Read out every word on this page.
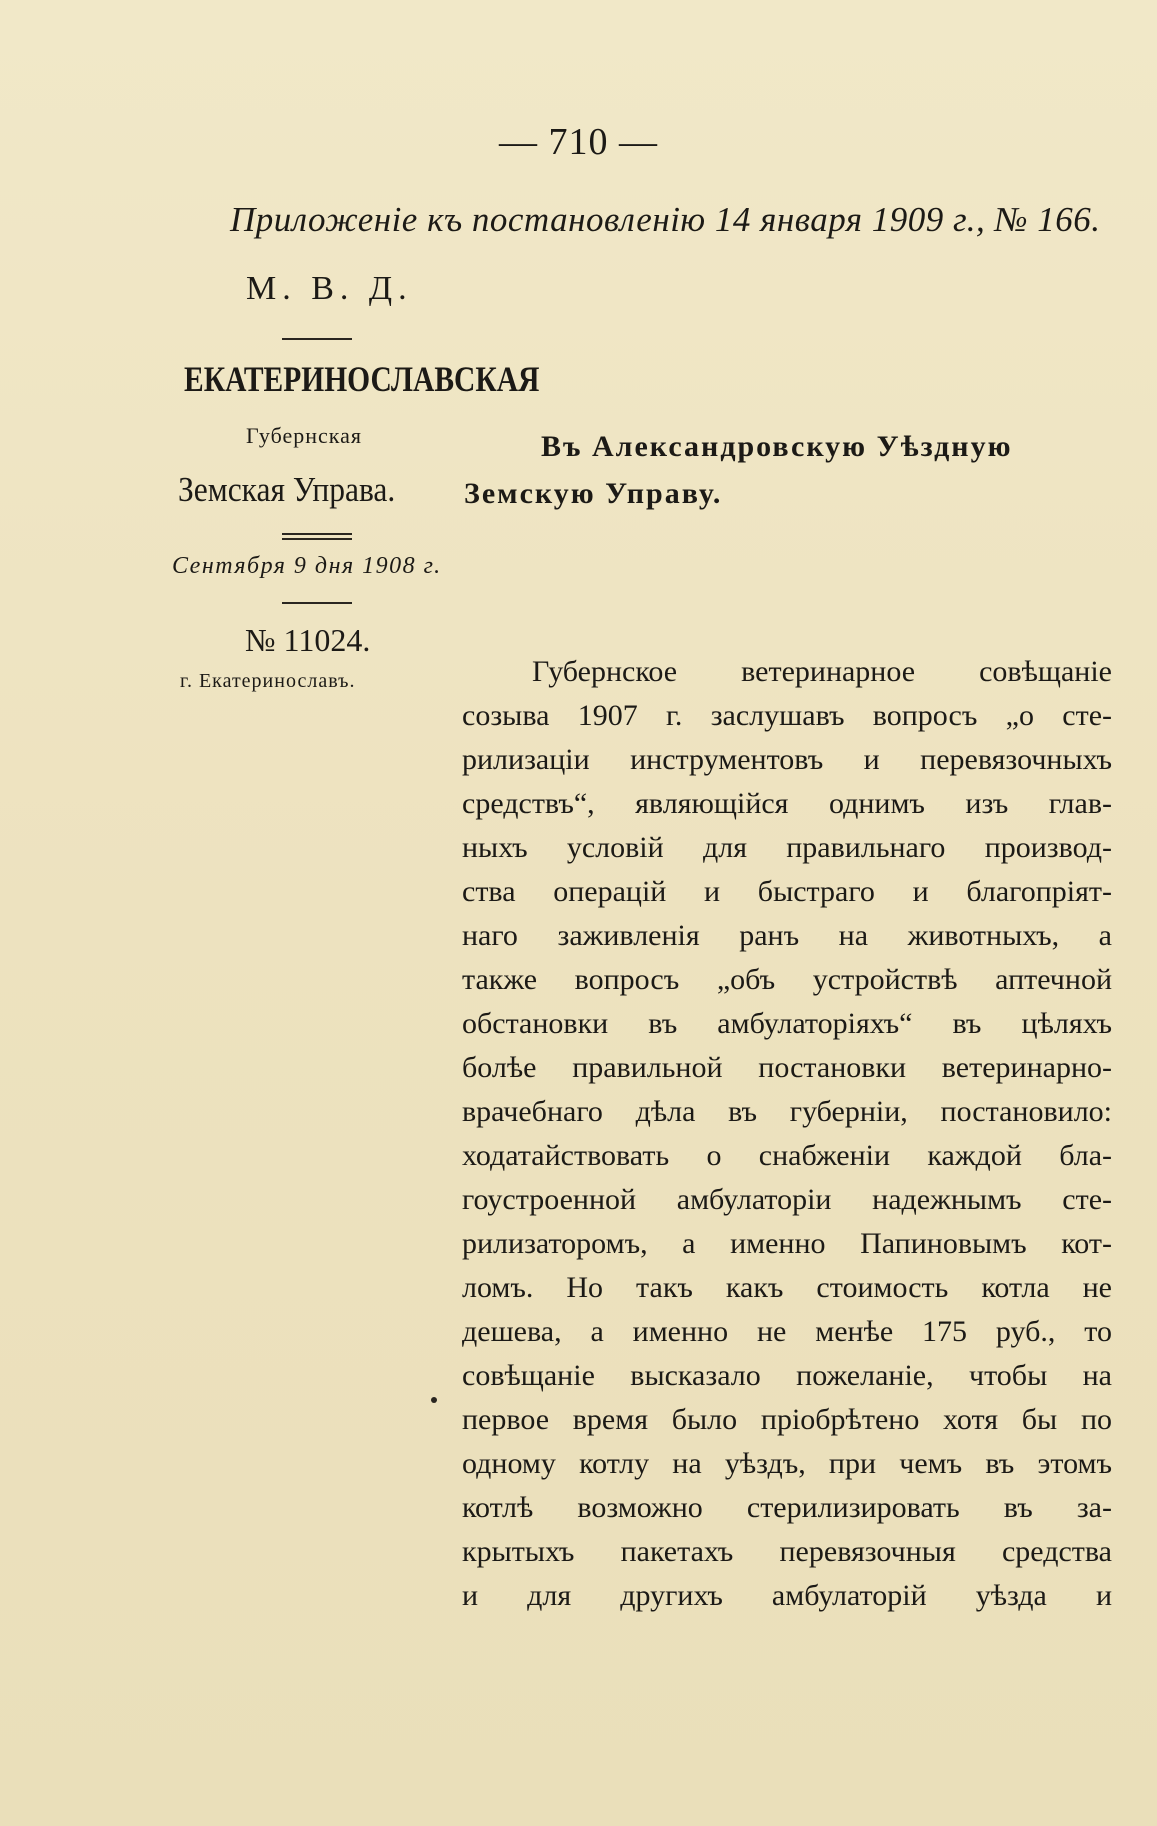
— 710 —
Приложеніе къ постановленію 14 января 1909 г., № 166.
М. В. Д.
ЕКАТЕРИНОСЛАВСКАЯ
Губернская
Земская Управа.
Въ Александровскую Уѣздную
Земскую Управу.
Сентября 9 дня 1908 г.
№ 11024.
г. Екатеринославъ.	Губернское ветеринарное совѣщаніе
созыва 1907 г. заслушавъ вопросъ „о сте-
рилизаціи инструментовъ и перевязочныхъ
средствъ“, являющійся однимъ изъ глав-
ныхъ условій для правильнаго производ-
ства операцій и быстраго и благопріят-
наго заживленія ранъ на животныхъ, а
также вопросъ „объ устройствѣ аптечной
обстановки въ амбулаторіяхъ“ въ цѣляхъ
болѣе правильной постановки ветеринарно-
врачебнаго дѣла въ губерніи, постановило:
ходатайствовать о снабженіи каждой бла-
гоустроенной амбулаторіи надежнымъ сте-
рилизаторомъ, а именно Папиновымъ кот-
ломъ. Но такъ какъ стоимость котла не
дешева, а именно не менѣе 175 руб., то
совѣщаніе высказало пожеланіе, чтобы на
первое время было пріобрѣтено хотя бы по
одному котлу на уѣздъ, при чемъ въ этомъ
котлѣ возможно стерилизировать въ за-
крытыхъ пакетахъ перевязочныя средства
и для другихъ амбулаторій уѣзда и
